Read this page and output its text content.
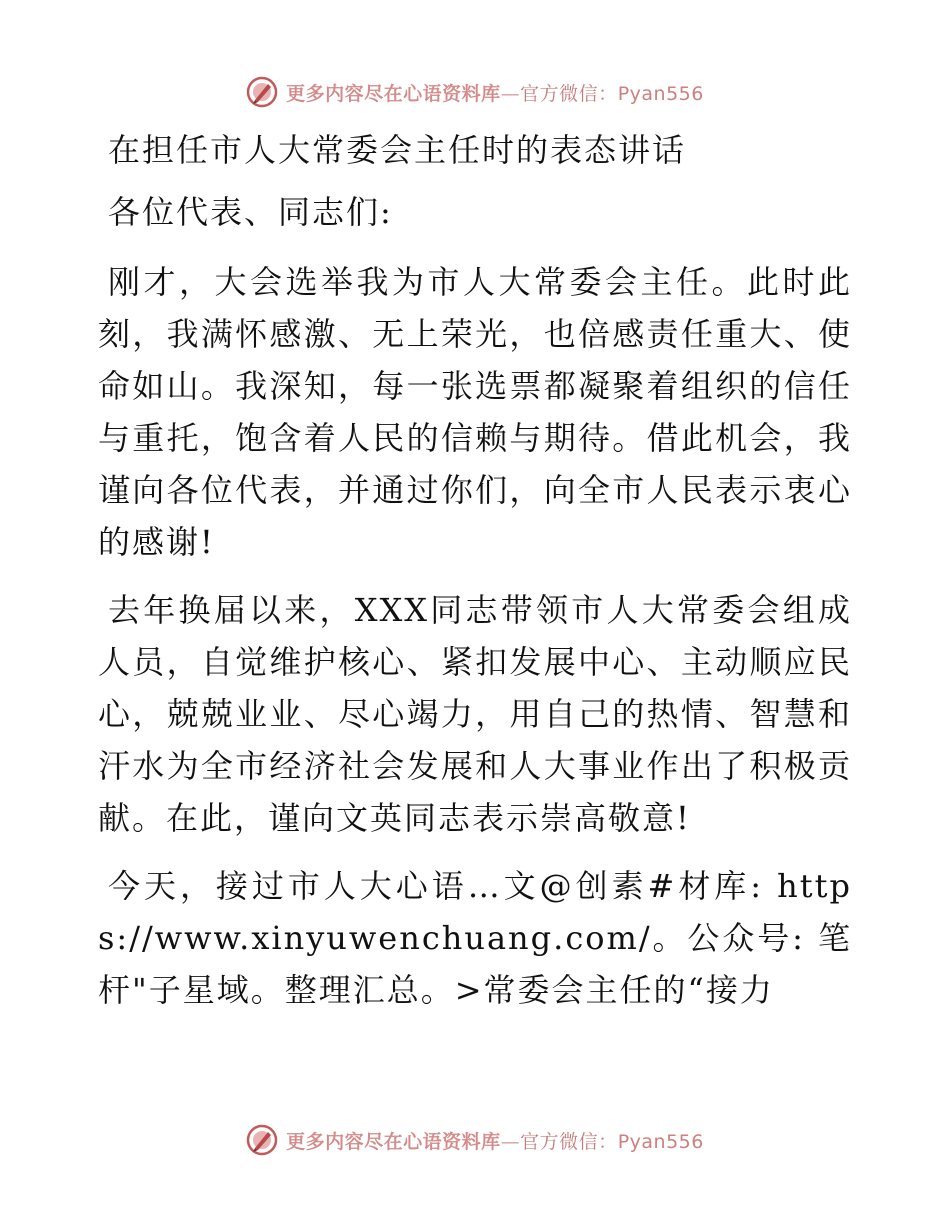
更多内容尽在心语资料库—官方微信：Pyan556

在担任市人大常委会主任时的表态讲话

各位代表、同志们:

刚才，大会选举我为市人大常委会主任。此时此刻，我满怀感激、无上荣光，也倍感责任重大、使命如山。我深知，每一张选票都凝聚着组织的信任与重托，饱含着人民的信赖与期待。借此机会，我谨向各位代表，并通过你们，向全市人民表示衷心的感谢!

去年换届以来，XXX同志带领市人大常委会组成人员，自觉维护核心、紧扣发展中心、主动顺应民心，兢兢业业、尽心竭力，用自己的热情、智慧和汗水为全市经济社会发展和人大事业作出了积极贡献。在此，谨向文英同志表示崇高敬意!

今天，接过市人大心语…文@创素#材库: https://www.xinyuwenchuang.com/。公众号: 笔杆"子星域。整理汇总。>常委会主任的“接力

更多内容尽在心语资料库—官方微信：Pyan556
